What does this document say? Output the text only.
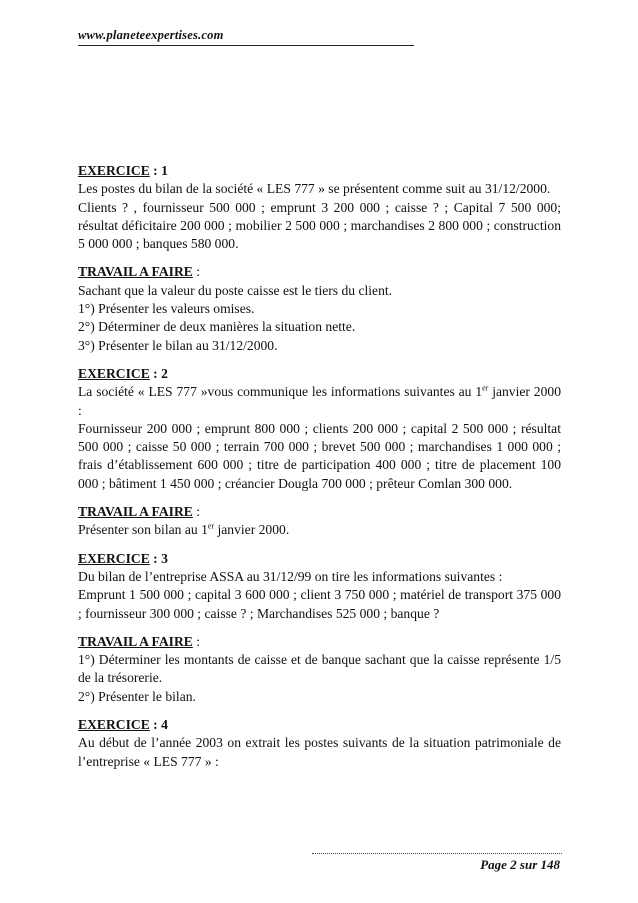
www.planeteexpertises.com

EXERCICE : 1

Les postes du bilan de la société « LES 777 » se présentent comme suit au 31/12/2000.

Clients ? , fournisseur 500 000 ; emprunt 3 200 000 ; caisse ? ; Capital 7 500 000; résultat déficitaire 200 000 ; mobilier 2 500 000 ; marchandises 2 800 000 ; construction 5 000 000 ; banques 580 000.

TRAVAIL A FAIRE :

Sachant que la valeur du poste caisse est le tiers du client.

1°) Présenter les valeurs omises.

2°) Déterminer de deux manières la situation nette.

3°) Présenter le bilan au 31/12/2000.

EXERCICE : 2

La société « LES 777 »vous communique les informations suivantes au 1er janvier 2000 :

Fournisseur 200 000 ; emprunt 800 000 ; clients 200 000 ; capital 2 500 000 ; résultat 500 000 ; caisse 50 000 ; terrain 700 000 ; brevet 500 000 ; marchandises 1 000 000 ; frais d’établissement 600 000 ; titre de participation 400 000 ; titre de placement 100 000 ; bâtiment 1 450 000 ; créancier Dougla 700 000 ; prêteur Comlan 300 000.

TRAVAIL A FAIRE :

Présenter son bilan au 1er janvier 2000.

EXERCICE : 3

Du bilan de l’entreprise ASSA au 31/12/99 on tire les informations suivantes :

Emprunt 1 500 000 ; capital 3 600 000 ; client 3 750 000 ; matériel de transport 375 000 ; fournisseur 300 000 ; caisse ? ; Marchandises 525 000 ; banque ?

TRAVAIL A FAIRE :

1°) Déterminer les montants de caisse et de banque sachant que la caisse représente 1/5 de la trésorerie.

2°) Présenter le bilan.

EXERCICE : 4

Au début de l’année 2003 on extrait les postes suivants de la situation patrimoniale de l’entreprise « LES 777 » :

Page 2 sur 148
